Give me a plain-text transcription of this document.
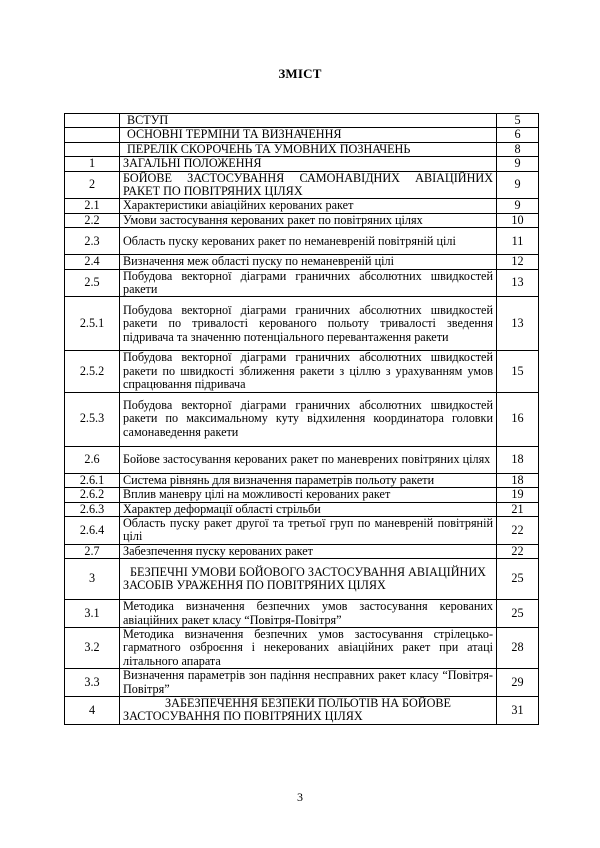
ЗМІСТ
	ВСТУП	5
	ОСНОВНІ ТЕРМІНИ ТА ВИЗНАЧЕННЯ	6
	ПЕРЕЛІК СКОРОЧЕНЬ ТА УМОВНИХ ПОЗНАЧЕНЬ	8
1	ЗАГАЛЬНІ ПОЛОЖЕННЯ	9
2	БОЙОВЕ ЗАСТОСУВАННЯ САМОНАВІДНИХ АВІАЦІЙНИХ РАКЕТ ПО ПОВІТРЯНИХ ЦІЛЯХ	9
2.1	Характеристики авіаційних керованих ракет	9
2.2	Умови застосування керованих ракет по повітряних цілях	10
2.3	Область пуску керованих ракет по неманевреній повітряній цілі	11
2.4	Визначення меж області пуску по неманевреній цілі	12
2.5	Побудова векторної діаграми граничних абсолютних швидкостей ракети	13
2.5.1	Побудова векторної діаграми граничних абсолютних швидкостей ракети по тривалості керованого польоту тривалості зведення підривача та значенню потенціального перевантаження ракети	13
2.5.2	Побудова векторної діаграми граничних абсолютних швидкостей ракети по швидкості зближення ракети з ціллю з урахуванням умов спрацювання підривача	15
2.5.3	Побудова векторної діаграми граничних абсолютних швидкостей ракети по максимальному куту відхилення координатора головки самонаведення ракети	16
2.6	Бойове застосування керованих ракет по маневрених повітряних цілях	18
2.6.1	Система рівнянь для визначення параметрів польоту ракети	18
2.6.2	Вплив маневру цілі на можливості керованих ракет	19
2.6.3	Характер деформації області стрільби	21
2.6.4	Область пуску ракет другої та третьої груп по маневреній повітряній цілі	22
2.7	Забезпечення пуску керованих ракет	22
3	БЕЗПЕЧНІ УМОВИ БОЙОВОГО ЗАСТОСУВАННЯ АВІАЦІЙНИХ ЗАСОБІВ УРАЖЕННЯ ПО ПОВІТРЯНИХ ЦІЛЯХ	25
3.1	Методика визначення безпечних умов застосування керованих авіаційних ракет класу “Повітря-Повітря”	25
3.2	Методика визначення безпечних умов застосування стрілецько-гарматного озброєння і некерованих авіаційних ракет при атаці літального апарата	28
3.3	Визначення параметрів зон падіння несправних ракет класу “Повітря-Повітря”	29
4	ЗАБЕЗПЕЧЕННЯ БЕЗПЕКИ ПОЛЬОТІВ НА БОЙОВЕ ЗАСТОСУВАННЯ ПО ПОВІТРЯНИХ ЦІЛЯХ	31
3
